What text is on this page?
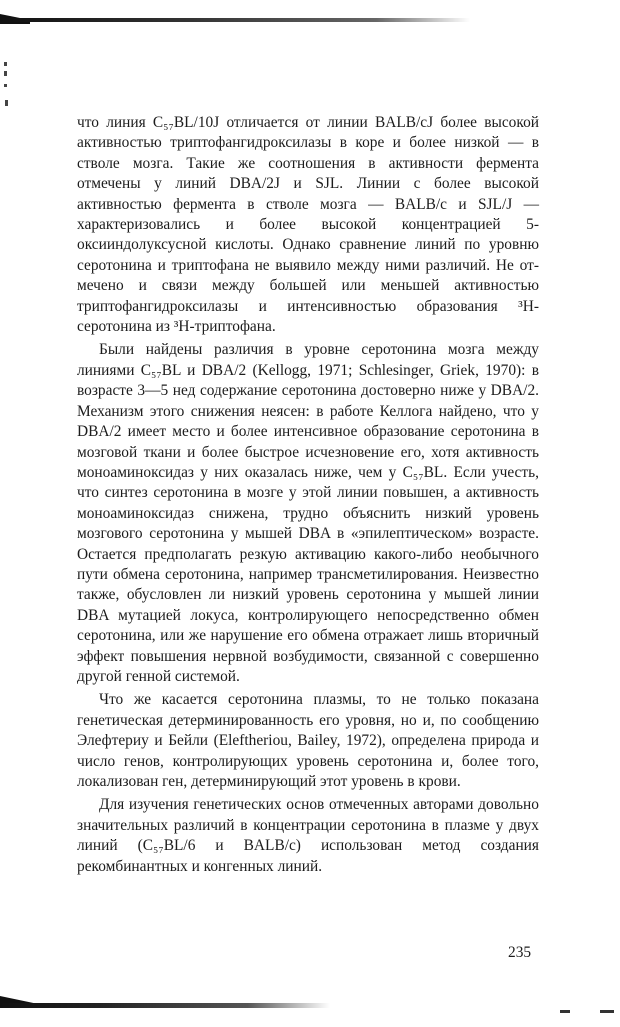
что линия C₅₇BL/10J отличается от линии BALB/cJ более высокой активностью триптофангидроксилазы в коре и более низкой — в стволе мозга. Такие же соотношения в активности фермента отмечены у линий DBA/2J и SJL. Линии с более высокой активностью фермента в стволе мозга — BALB/c и SJL/J — характеризовались и более высокой концентрацией 5-оксииндолуксусной кислоты. Однако сравнение линий по уровню серотонина и триптофана не выявило между ними различий. Не отмечено и связи между большей или меньшей активностью триптофангидроксилазы и интенсивностью образования ³H-серотонина из ³H-триптофана.

Были найдены различия в уровне серотонина мозга между линиями C₅₇BL и DBA/2 (Kellogg, 1971; Schlesinger, Griek, 1970): в возрасте 3—5 нед содержание серотонина достоверно ниже у DBA/2. Механизм этого снижения неясен: в работе Келлога найдено, что у DBA/2 имеет место и более интенсивное образование серотонина в мозговой ткани и более быстрое исчезновение его, хотя активность моноаминоксидаз у них оказалась ниже, чем у C₅₇BL. Если учесть, что синтез серотонина в мозге у этой линии повышен, а активность моноаминоксидаз снижена, трудно объяснить низкий уровень мозгового серотонина у мышей DBA в «эпилептическом» возрасте. Остается предполагать резкую активацию какого-либо необычного пути обмена серотонина, например трансметилирования. Неизвестно также, обусловлен ли низкий уровень серотонина у мышей линии DBA мутацией локуса, контролирующего непосредственно обмен серотонина, или же нарушение его обмена отражает лишь вторичный эффект повышения нервной возбудимости, связанной с совершенно другой генной системой.

Что же касается серотонина плазмы, то не только показана генетическая детерминированность его уровня, но и, по сообщению Элефтериу и Бейли (Eleftheriou, Bailey, 1972), определена природа и число генов, контролирующих уровень серотонина и, более того, локализован ген, детерминирующий этот уровень в крови.

Для изучения генетических основ отмеченных авторами довольно значительных различий в концентрации серотонина в плазме у двух линий (C₅₇BL/6 и BALB/c) использован метод создания рекомбинантных и конгенных линий.

235
